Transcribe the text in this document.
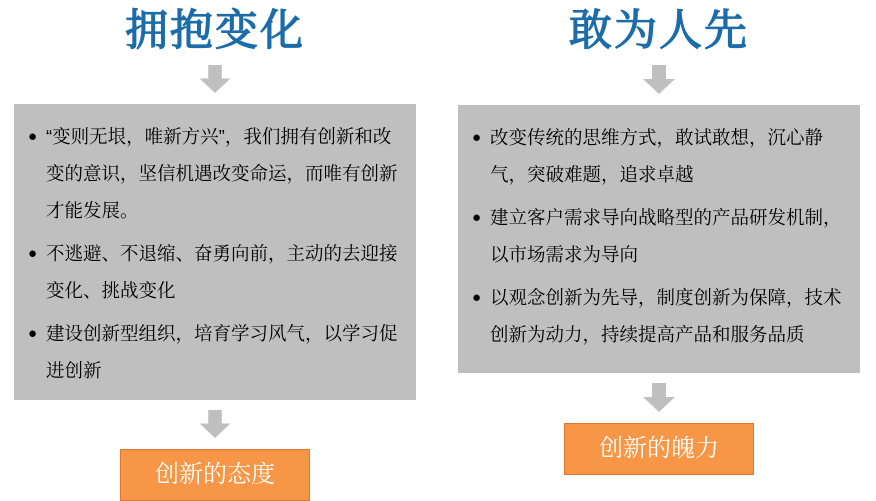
拥抱变化
● “变则无垠，唯新方兴”，我们拥有创新和改变的意识，坚信机遇改变命运，而唯有创新才能发展。
● 不逃避、不退缩、奋勇向前，主动的去迎接变化、挑战变化
● 建设创新型组织，培育学习风气，以学习促进创新
创新的态度
敢为人先
● 改变传统的思维方式，敢试敢想，沉心静气，突破难题，追求卓越
● 建立客户需求导向战略型的产品研发机制，以市场需求为导向
● 以观念创新为先导，制度创新为保障，技术创新为动力，持续提高产品和服务品质
创新的魄力
